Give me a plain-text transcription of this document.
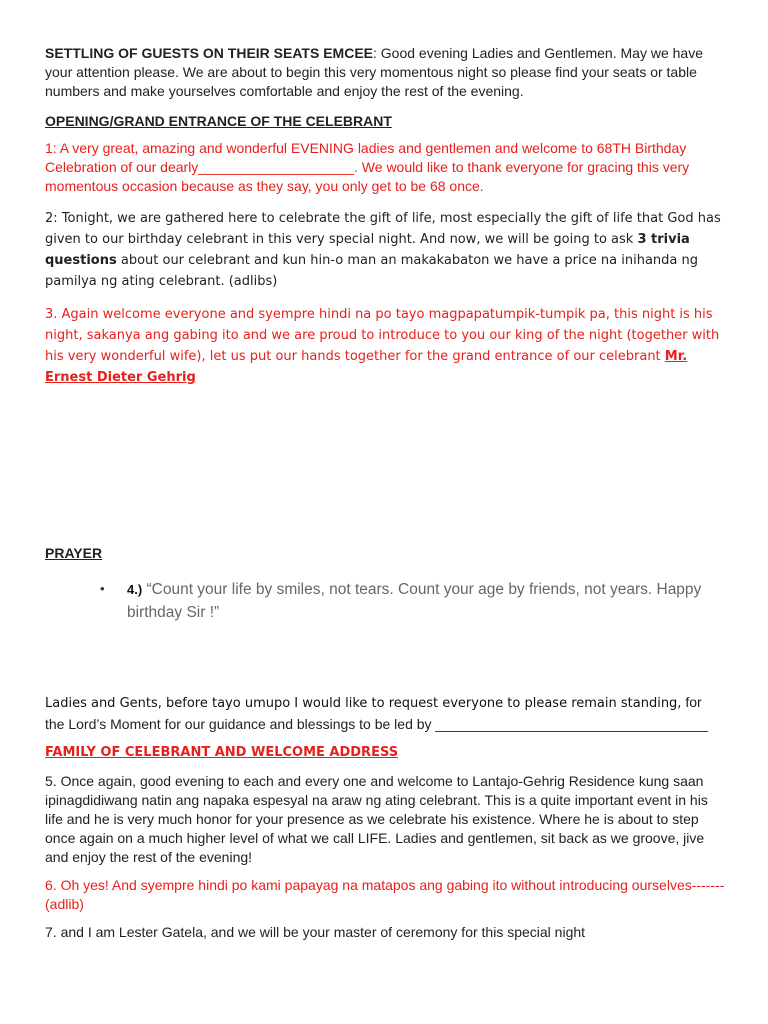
SETTLING OF GUESTS ON THEIR SEATS EMCEE: Good evening Ladies and Gentlemen. May we have your attention please. We are about to begin this very momentous night so please find your seats or table numbers and make yourselves comfortable and enjoy the rest of the evening.

OPENING/GRAND ENTRANCE OF THE CELEBRANT

1: A very great, amazing and wonderful EVENING ladies and gentlemen and welcome to 68TH Birthday Celebration of our dearly____________________. We would like to thank everyone for gracing this very momentous occasion because as they say, you only get to be 68 once.

2: Tonight, we are gathered here to celebrate the gift of life, most especially the gift of life that God has given to our birthday celebrant in this very special night. And now, we will be going to ask 3 trivia questions about our celebrant and kun hin-o man an makakabaton we have a price na inihanda ng pamilya ng ating celebrant. (adlibs)

3. Again welcome everyone and syempre hindi na po tayo magpapatumpik-tumpik pa, this night is his night, sakanya ang gabing ito and we are proud to introduce to you our king of the night (together with his very wonderful wife), let us put our hands together for the grand entrance of our celebrant Mr. Ernest Dieter Gehrig

PRAYER

• 4.) “Count your life by smiles, not tears. Count your age by friends, not years. Happy birthday Sir !”

Ladies and Gents, before tayo umupo I would like to request everyone to please remain standing, for the Lord’s Moment for our guidance and blessings to be led by ___________________________________

FAMILY OF CELEBRANT AND WELCOME ADDRESS

5. Once again, good evening to each and every one and welcome to Lantajo-Gehrig Residence kung saan ipinagdidiwang natin ang napaka espesyal na araw ng ating celebrant. This is a quite important event in his life and he is very much honor for your presence as we celebrate his existence. Where he is about to step once again on a much higher level of what we call LIFE. Ladies and gentlemen, sit back as we groove, jive and enjoy the rest of the evening!

6. Oh yes! And syempre hindi po kami papayag na matapos ang gabing ito without introducing ourselves-------(adlib)

7. and I am Lester Gatela, and we will be your master of ceremony for this special night
